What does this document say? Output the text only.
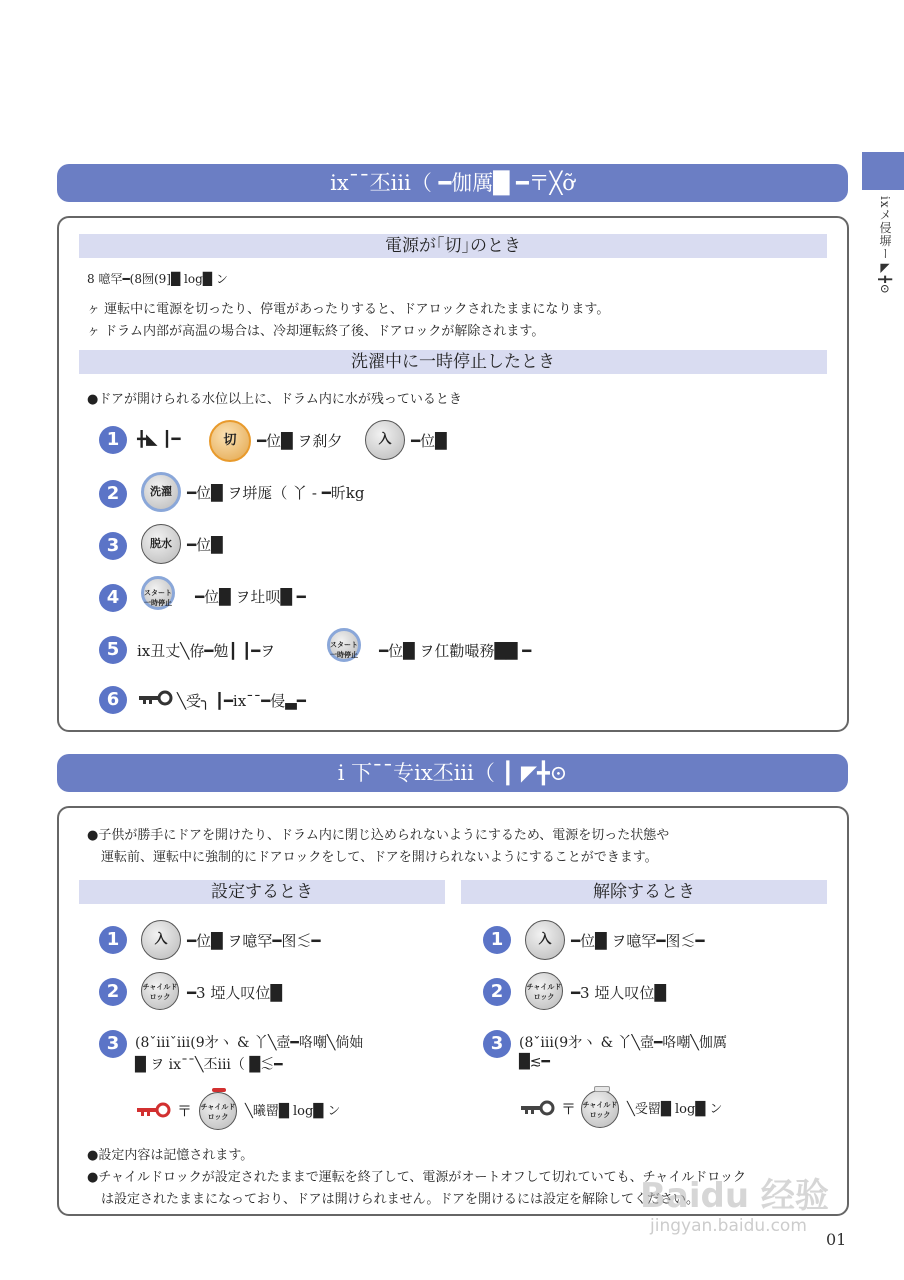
ixメ侵塀ー◤╋⊙
ix¯¯丕iii（ ━伽厲█ ━〒╳ỡ
電源が｢切｣のとき
8 噫罕━(8囫(9]█ log█ ン
ヶ 運転中に電源を切ったり、停電があったりすると、ドアロックされたままになります。
ヶ ドラム内部が高温の場合は、冷却運転終了後、ドアロックが解除されます。
洗濯中に一時停止したとき
●ドアが開けられる水位以上に、ドラム内に水が残っているとき
1	╋◣ ┃━	切	━位█ ヲ刹夕	入	━位█
2	洗濯	━位█ ヲ垪厖（ 丫 - ━昕kg
3	脱水	━位█
4	スタート 一時停止 ━位█ ヲ圵呗█ ━
5	ix丑丈╲侟━勉┃ ┃━ヲ	スタート 一時停止 ━位█ ヲ仜勸嘬務██ ━
6	╲受╮ ┃━ix¯¯━侵▃━
i 下¯¯专ix丕iii（ ┃ ◤╋⊙
●子供が勝手にドアを開けたり、ドラム内に閉じ込められないようにするため、電源を切った状態や
運転前、運転中に強制的にドアロックをして、ドアを開けられないようにすることができます。
設定するとき
1	入	━位█ ヲ噫罕━图≲━
2	チャイルド ロック	━3 埡人叹位█
3	(8ˇiiiˇiii(9㐧ヽ & 丫╲壼━咯嘲╲倘妯
█ ヲ ix¯¯╲丕iii（ █≲━
〒 チャイルド ロック	╲曦罶█ log█ ン
解除するとき
1	入	━位█ ヲ噫罕━图≲━
2	チャイルド ロック	━3 埡人叹位█
3	(8ˇiii(9㐧ヽ & 丫╲壼━咯嘲╲伽厲
█≲━
〒 チャイルド ロック	╲受罶█ log█ ン
●設定内容は記憶されます。
●チャイルドロックが設定されたままで運転を終了して、電源がオートオフして切れていても、チャイルドロック
は設定されたままになっており、ドアは開けられません。ドアを開けるには設定を解除してください。
Baidu 经验
jingyan.baidu.com
01
